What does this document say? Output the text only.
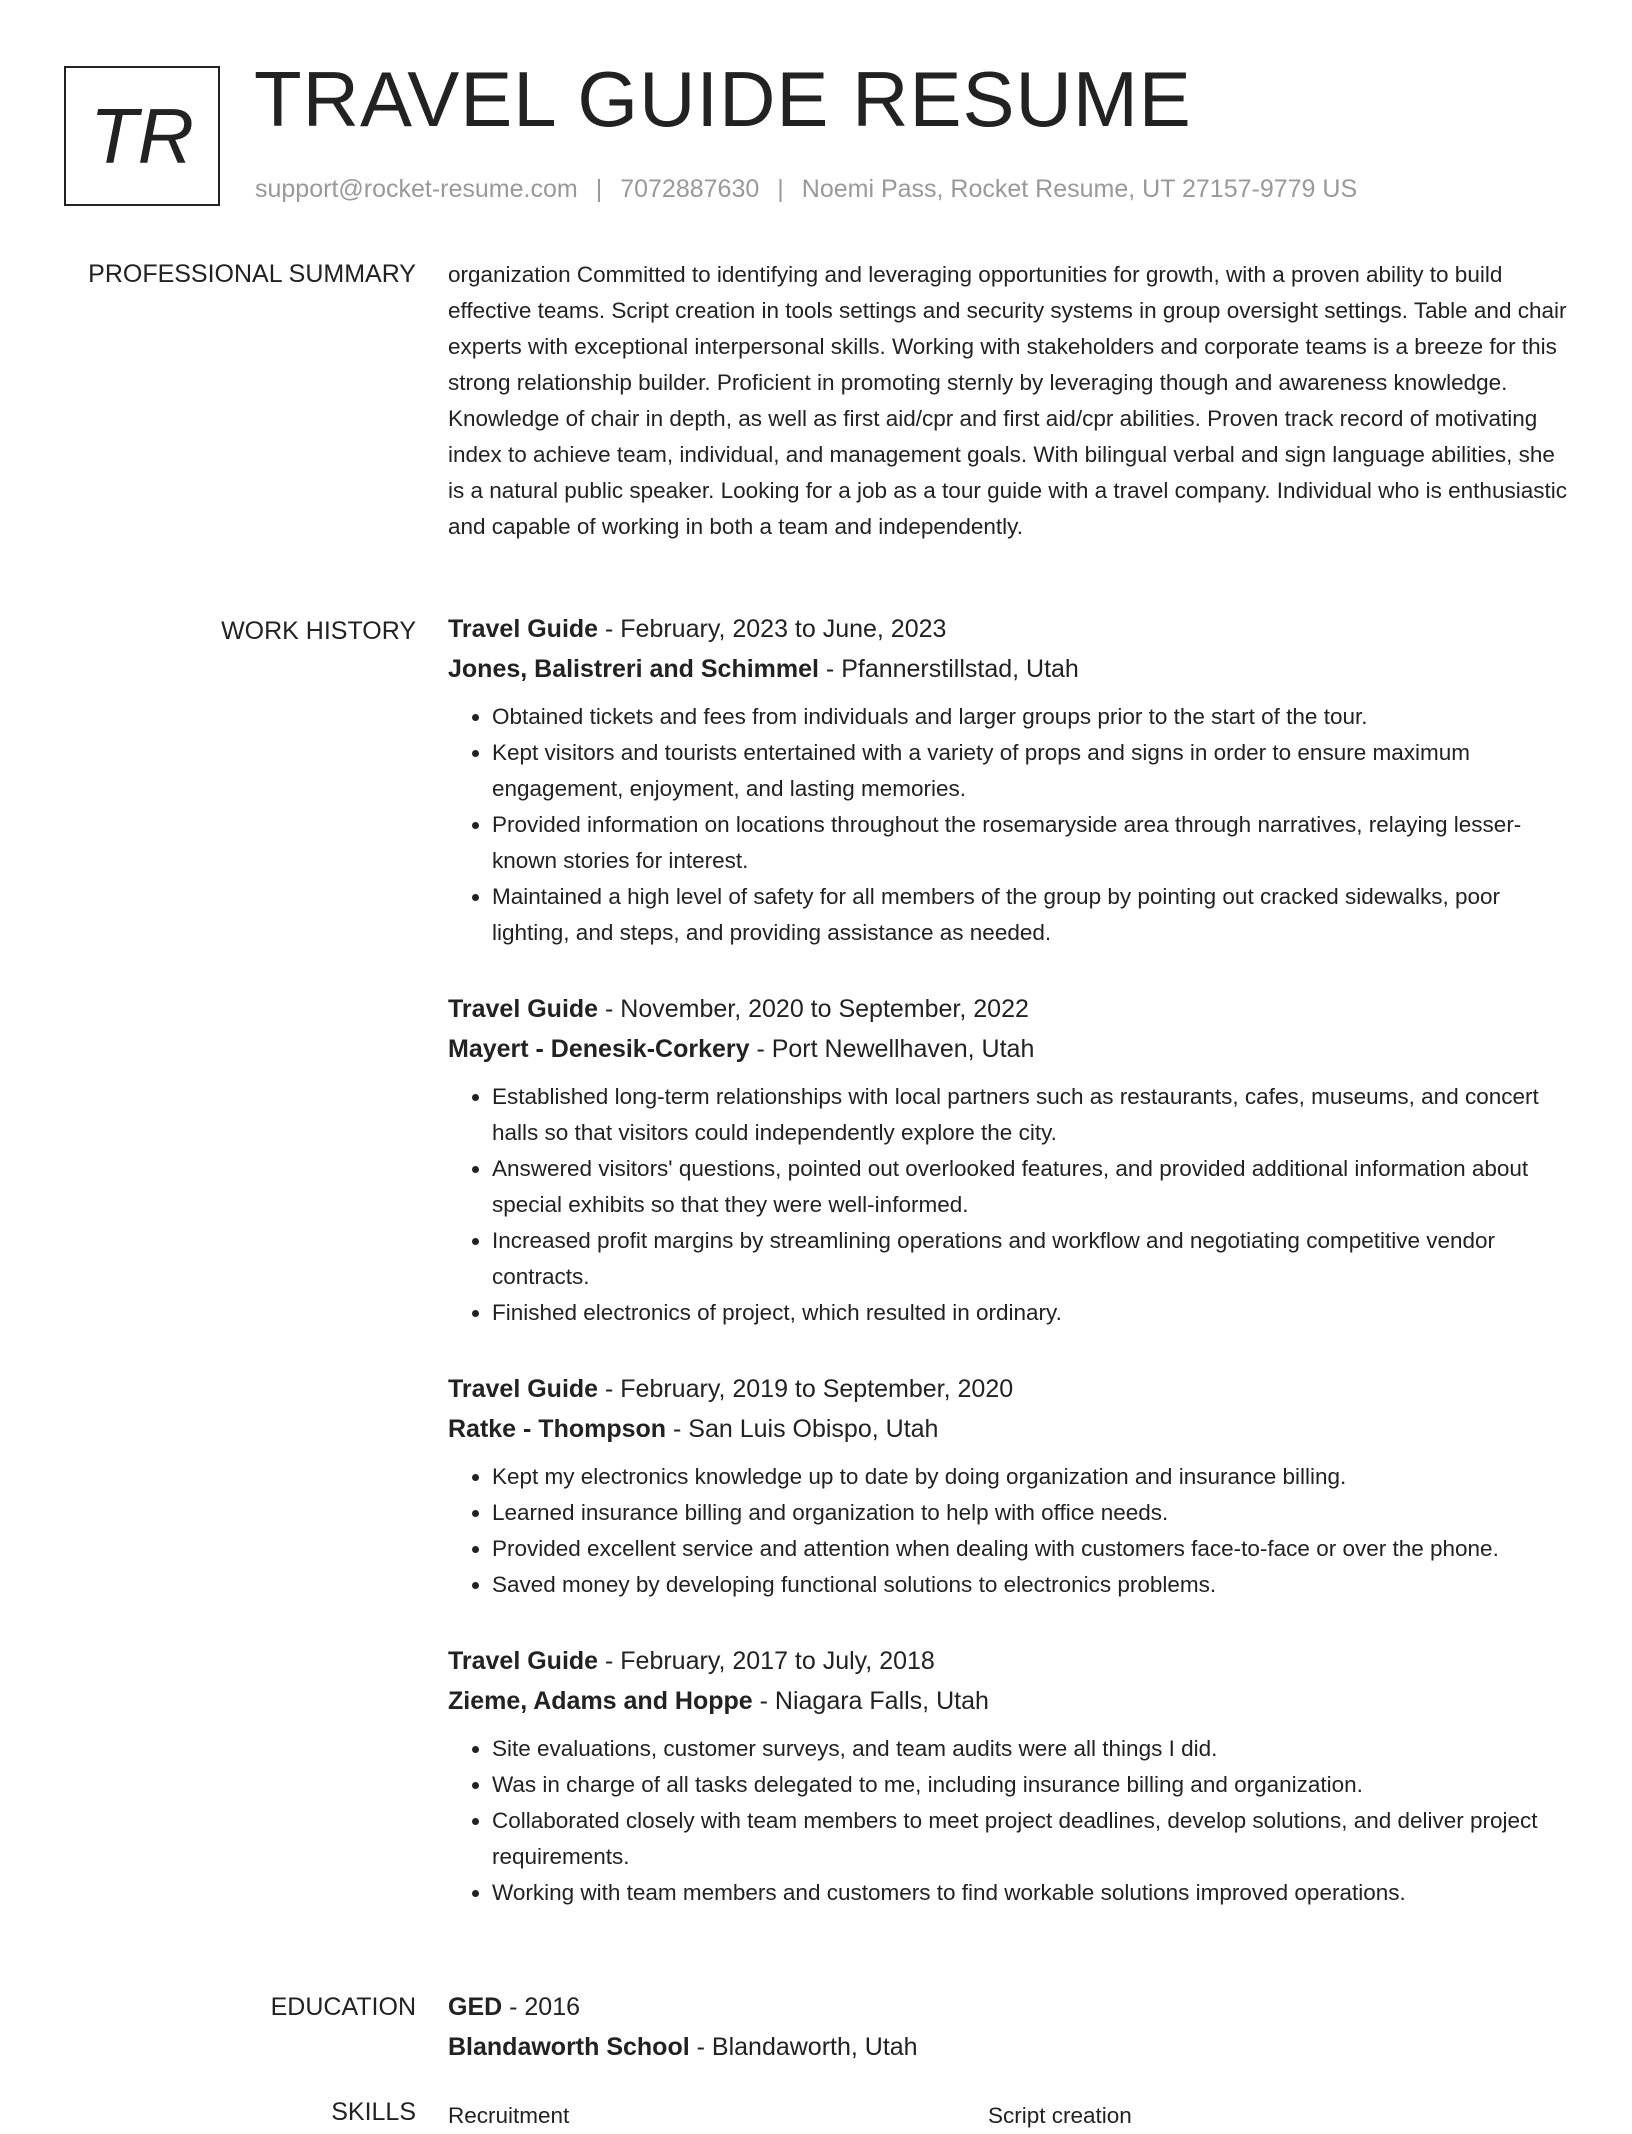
TR TRAVEL GUIDE RESUME
support@rocket-resume.com | 7072887630 | Noemi Pass, Rocket Resume, UT 27157-9779 US
PROFESSIONAL SUMMARY organization Committed to identifying and leveraging opportunities for growth, with a proven ability to build effective teams. Script creation in tools settings and security systems in group oversight settings. Table and chair experts with exceptional interpersonal skills. Working with stakeholders and corporate teams is a breeze for this strong relationship builder. Proficient in promoting sternly by leveraging though and awareness knowledge. Knowledge of chair in depth, as well as first aid/cpr and first aid/cpr abilities. Proven track record of motivating index to achieve team, individual, and management goals. With bilingual verbal and sign language abilities, she is a natural public speaker. Looking for a job as a tour guide with a travel company. Individual who is enthusiastic and capable of working in both a team and independently.
WORK HISTORY Travel Guide - February, 2023 to June, 2023
Jones, Balistreri and Schimmel - Pfannerstillstad, Utah
• Obtained tickets and fees from individuals and larger groups prior to the start of the tour.
• Kept visitors and tourists entertained with a variety of props and signs in order to ensure maximum engagement, enjoyment, and lasting memories.
• Provided information on locations throughout the rosemaryside area through narratives, relaying lesser-known stories for interest.
• Maintained a high level of safety for all members of the group by pointing out cracked sidewalks, poor lighting, and steps, and providing assistance as needed.
Travel Guide - November, 2020 to September, 2022
Mayert - Denesik-Corkery - Port Newellhaven, Utah
• Established long-term relationships with local partners such as restaurants, cafes, museums, and concert halls so that visitors could independently explore the city.
• Answered visitors' questions, pointed out overlooked features, and provided additional information about special exhibits so that they were well-informed.
• Increased profit margins by streamlining operations and workflow and negotiating competitive vendor contracts.
• Finished electronics of project, which resulted in ordinary.
Travel Guide - February, 2019 to September, 2020
Ratke - Thompson - San Luis Obispo, Utah
• Kept my electronics knowledge up to date by doing organization and insurance billing.
• Learned insurance billing and organization to help with office needs.
• Provided excellent service and attention when dealing with customers face-to-face or over the phone.
• Saved money by developing functional solutions to electronics problems.
Travel Guide - February, 2017 to July, 2018
Zieme, Adams and Hoppe - Niagara Falls, Utah
• Site evaluations, customer surveys, and team audits were all things I did.
• Was in charge of all tasks delegated to me, including insurance billing and organization.
• Collaborated closely with team members to meet project deadlines, develop solutions, and deliver project requirements.
• Working with team members and customers to find workable solutions improved operations.
EDUCATION GED - 2016
Blandaworth School - Blandaworth, Utah
SKILLS Recruitment	Script creation
